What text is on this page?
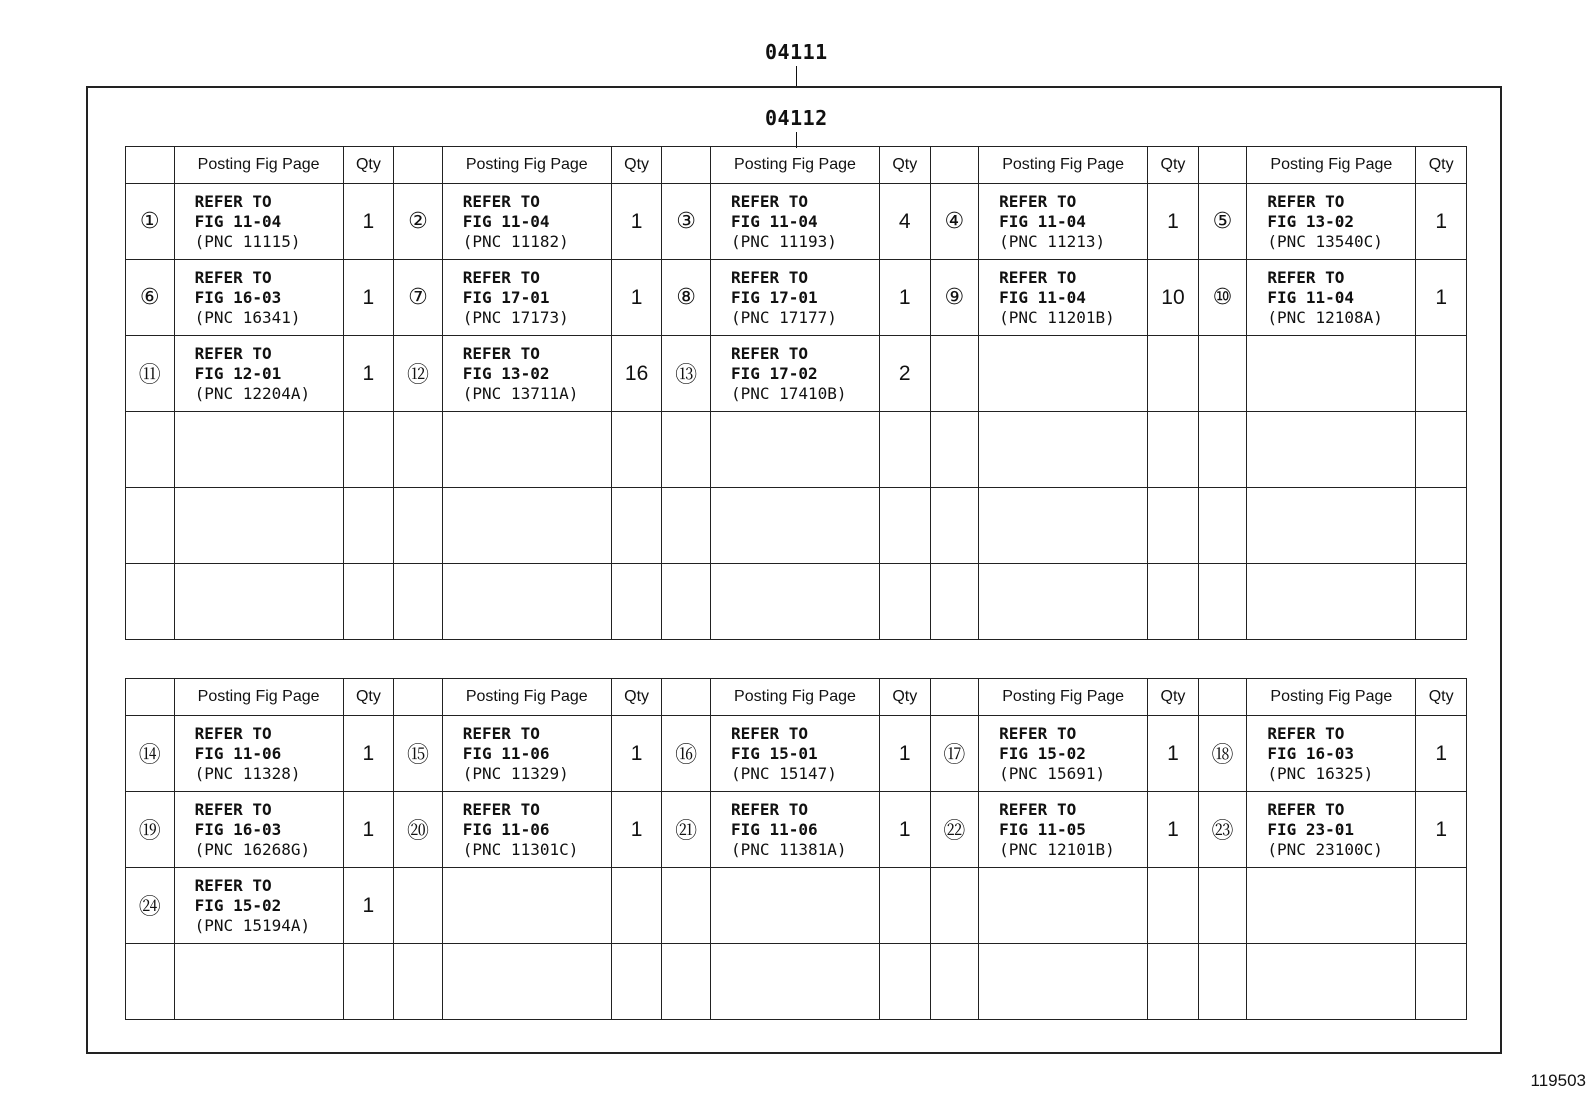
04111
04112
	Posting Fig Page	Qty		Posting Fig Page	Qty		Posting Fig Page	Qty		Posting Fig Page	Qty		Posting Fig Page	Qty
①	REFER TO
FIG 11-04
(PNC 11115)	1	②	REFER TO
FIG 11-04
(PNC 11182)	1	③	REFER TO
FIG 11-04
(PNC 11193)	4	④	REFER TO
FIG 11-04
(PNC 11213)	1	⑤	REFER TO
FIG 13-02
(PNC 13540C)	1
⑥	REFER TO
FIG 16-03
(PNC 16341)	1	⑦	REFER TO
FIG 17-01
(PNC 17173)	1	⑧	REFER TO
FIG 17-01
(PNC 17177)	1	⑨	REFER TO
FIG 11-04
(PNC 11201B)	10	⑩	REFER TO
FIG 11-04
(PNC 12108A)	1
⑪	REFER TO
FIG 12-01
(PNC 12204A)	1	⑫	REFER TO
FIG 13-02
(PNC 13711A)	16	⑬	REFER TO
FIG 17-02
(PNC 17410B)	2						

	Posting Fig Page	Qty		Posting Fig Page	Qty		Posting Fig Page	Qty		Posting Fig Page	Qty		Posting Fig Page	Qty
⑭	REFER TO
FIG 11-06
(PNC 11328)	1	⑮	REFER TO
FIG 11-06
(PNC 11329)	1	⑯	REFER TO
FIG 15-01
(PNC 15147)	1	⑰	REFER TO
FIG 15-02
(PNC 15691)	1	⑱	REFER TO
FIG 16-03
(PNC 16325)	1
⑲	REFER TO
FIG 16-03
(PNC 16268G)	1	⑳	REFER TO
FIG 11-06
(PNC 11301C)	1	㉑	REFER TO
FIG 11-06
(PNC 11381A)	1	㉒	REFER TO
FIG 11-05
(PNC 12101B)	1	㉓	REFER TO
FIG 23-01
(PNC 23100C)	1
㉔	REFER TO
FIG 15-02
(PNC 15194A)	1												

119503
